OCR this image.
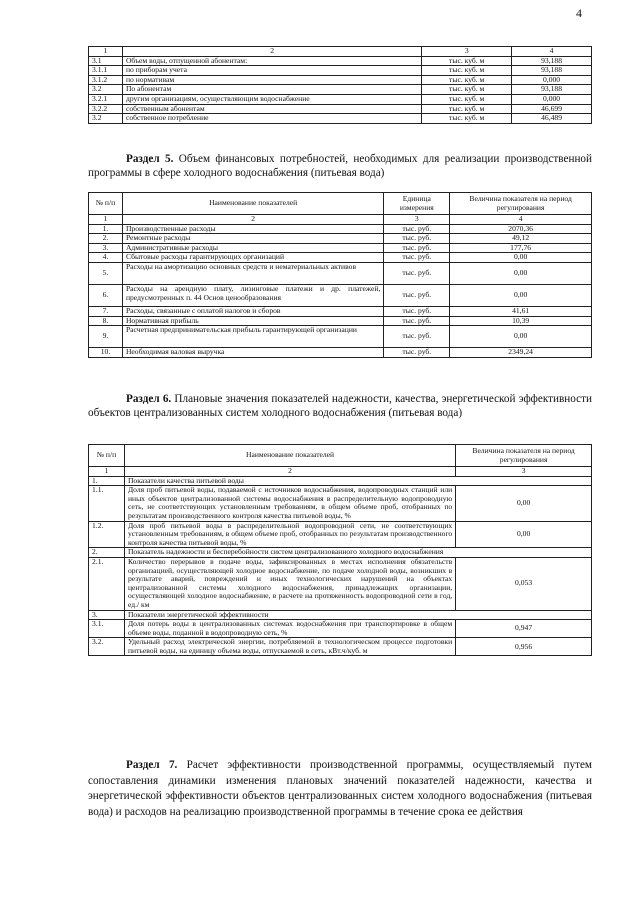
4
1	2	3	4
3.1	Объем воды, отпущенной абонентам:	тыс. куб. м	93,188
3.1.1	по приборам учета	тыс. куб. м	93,188
3.1.2	по нормативам	тыс. куб. м	0,000
3.2	По абонентам	тыс. куб. м	93,188
3.2.1	другим организациям, осуществляющим водоснабжение	тыс. куб. м	0,000
3.2.2	собственным абонентам	тыс. куб. м	46,699
3.2	собственное потребление	тыс. куб. м	46,489
Раздел 5. Объем финансовых потребностей, необходимых для реализации производственной программы в сфере холодного водоснабжения (питьевая вода)
№ п/п	Наименование показателей	Единица измерения	Величина показателя на период регулирования
1	2	3	4
1.	Производственные расходы	тыс. руб.	2070,36
2.	Ремонтные расходы	тыс. руб.	49,12
3.	Административные расходы	тыс. руб.	177,76
4.	Сбытовые расходы гарантирующих организаций	тыс. руб.	0,00
5.	Расходы на амортизацию основных средств и нематериальных активов	тыс. руб.	0,00
6.	Расходы на арендную плату, лизинговые платежи и др. платежей, предусмотренных п. 44 Основ ценообразования	тыс. руб.	0,00
7.	Расходы, связанные с оплатой налогов и сборов	тыс. руб.	41,61
8.	Нормативная прибыль	тыс. руб.	10,39
9.	Расчетная предпринимательская прибыль гарантирующей организации	тыс. руб.	0,00
10.	Необходимая валовая выручка	тыс. руб.	2349,24
Раздел 6. Плановые значения показателей надежности, качества, энергетической эффективности объектов централизованных систем холодного водоснабжения (питьевая вода)
№ п/п	Наименование показателей	Величина показателя на период регулирования
1	2	3
1.	Показатели качества питьевой воды	
1.1.	Доля проб питьевой воды, подаваемой с источников водоснабжения, водопроводных станций или иных объектов централизованной системы водоснабжения в распределительную водопроводную сеть, не соответствующих установленным требованиям, в общем объеме проб, отобранных по результатам производственного контроля качества питьевой воды, %	0,00
1.2.	Доля проб питьевой воды в распределительной водопроводной сети, не соответствующих установленным требованиям, в общем объеме проб, отобранных по результатам производственного контроля качества питьевой воды, %	0,00
2.	Показатель надежности и бесперебойности систем централизованного холодного водоснабжения	
2.1.	Количество перерывов в подаче воды, зафиксированных в местах исполнения обязательств организацией, осуществляющей холодное водоснабжение, по подаче холодной воды, возникших в результате аварий, повреждений и иных технологических нарушений на объектах централизованной системы холодного водоснабжения, принадлежащих организации, осуществляющей холодное водоснабжение, в расчете на протяженность водопроводной сети в год, ед./ км	0,053
3.	Показатели энергетической эффективности	
3.1.	Доля потерь воды в централизованных системах водоснабжения при транспортировке в общем объеме воды, поданной в водопроводную сеть, %	0,947
3.2.	Удельный расход электрической энергии, потребляемой в технологическом процессе подготовки питьевой воды, на единицу объема воды, отпускаемой в сеть, кВт.ч/куб. м	0,956
Раздел 7. Расчет эффективности производственной программы, осуществляемый путем сопоставления динамики изменения плановых значений показателей надежности, качества и энергетической эффективности объектов централизованных систем холодного водоснабжения (питьевая вода) и расходов на реализацию производственной программы в течение срока ее действия
